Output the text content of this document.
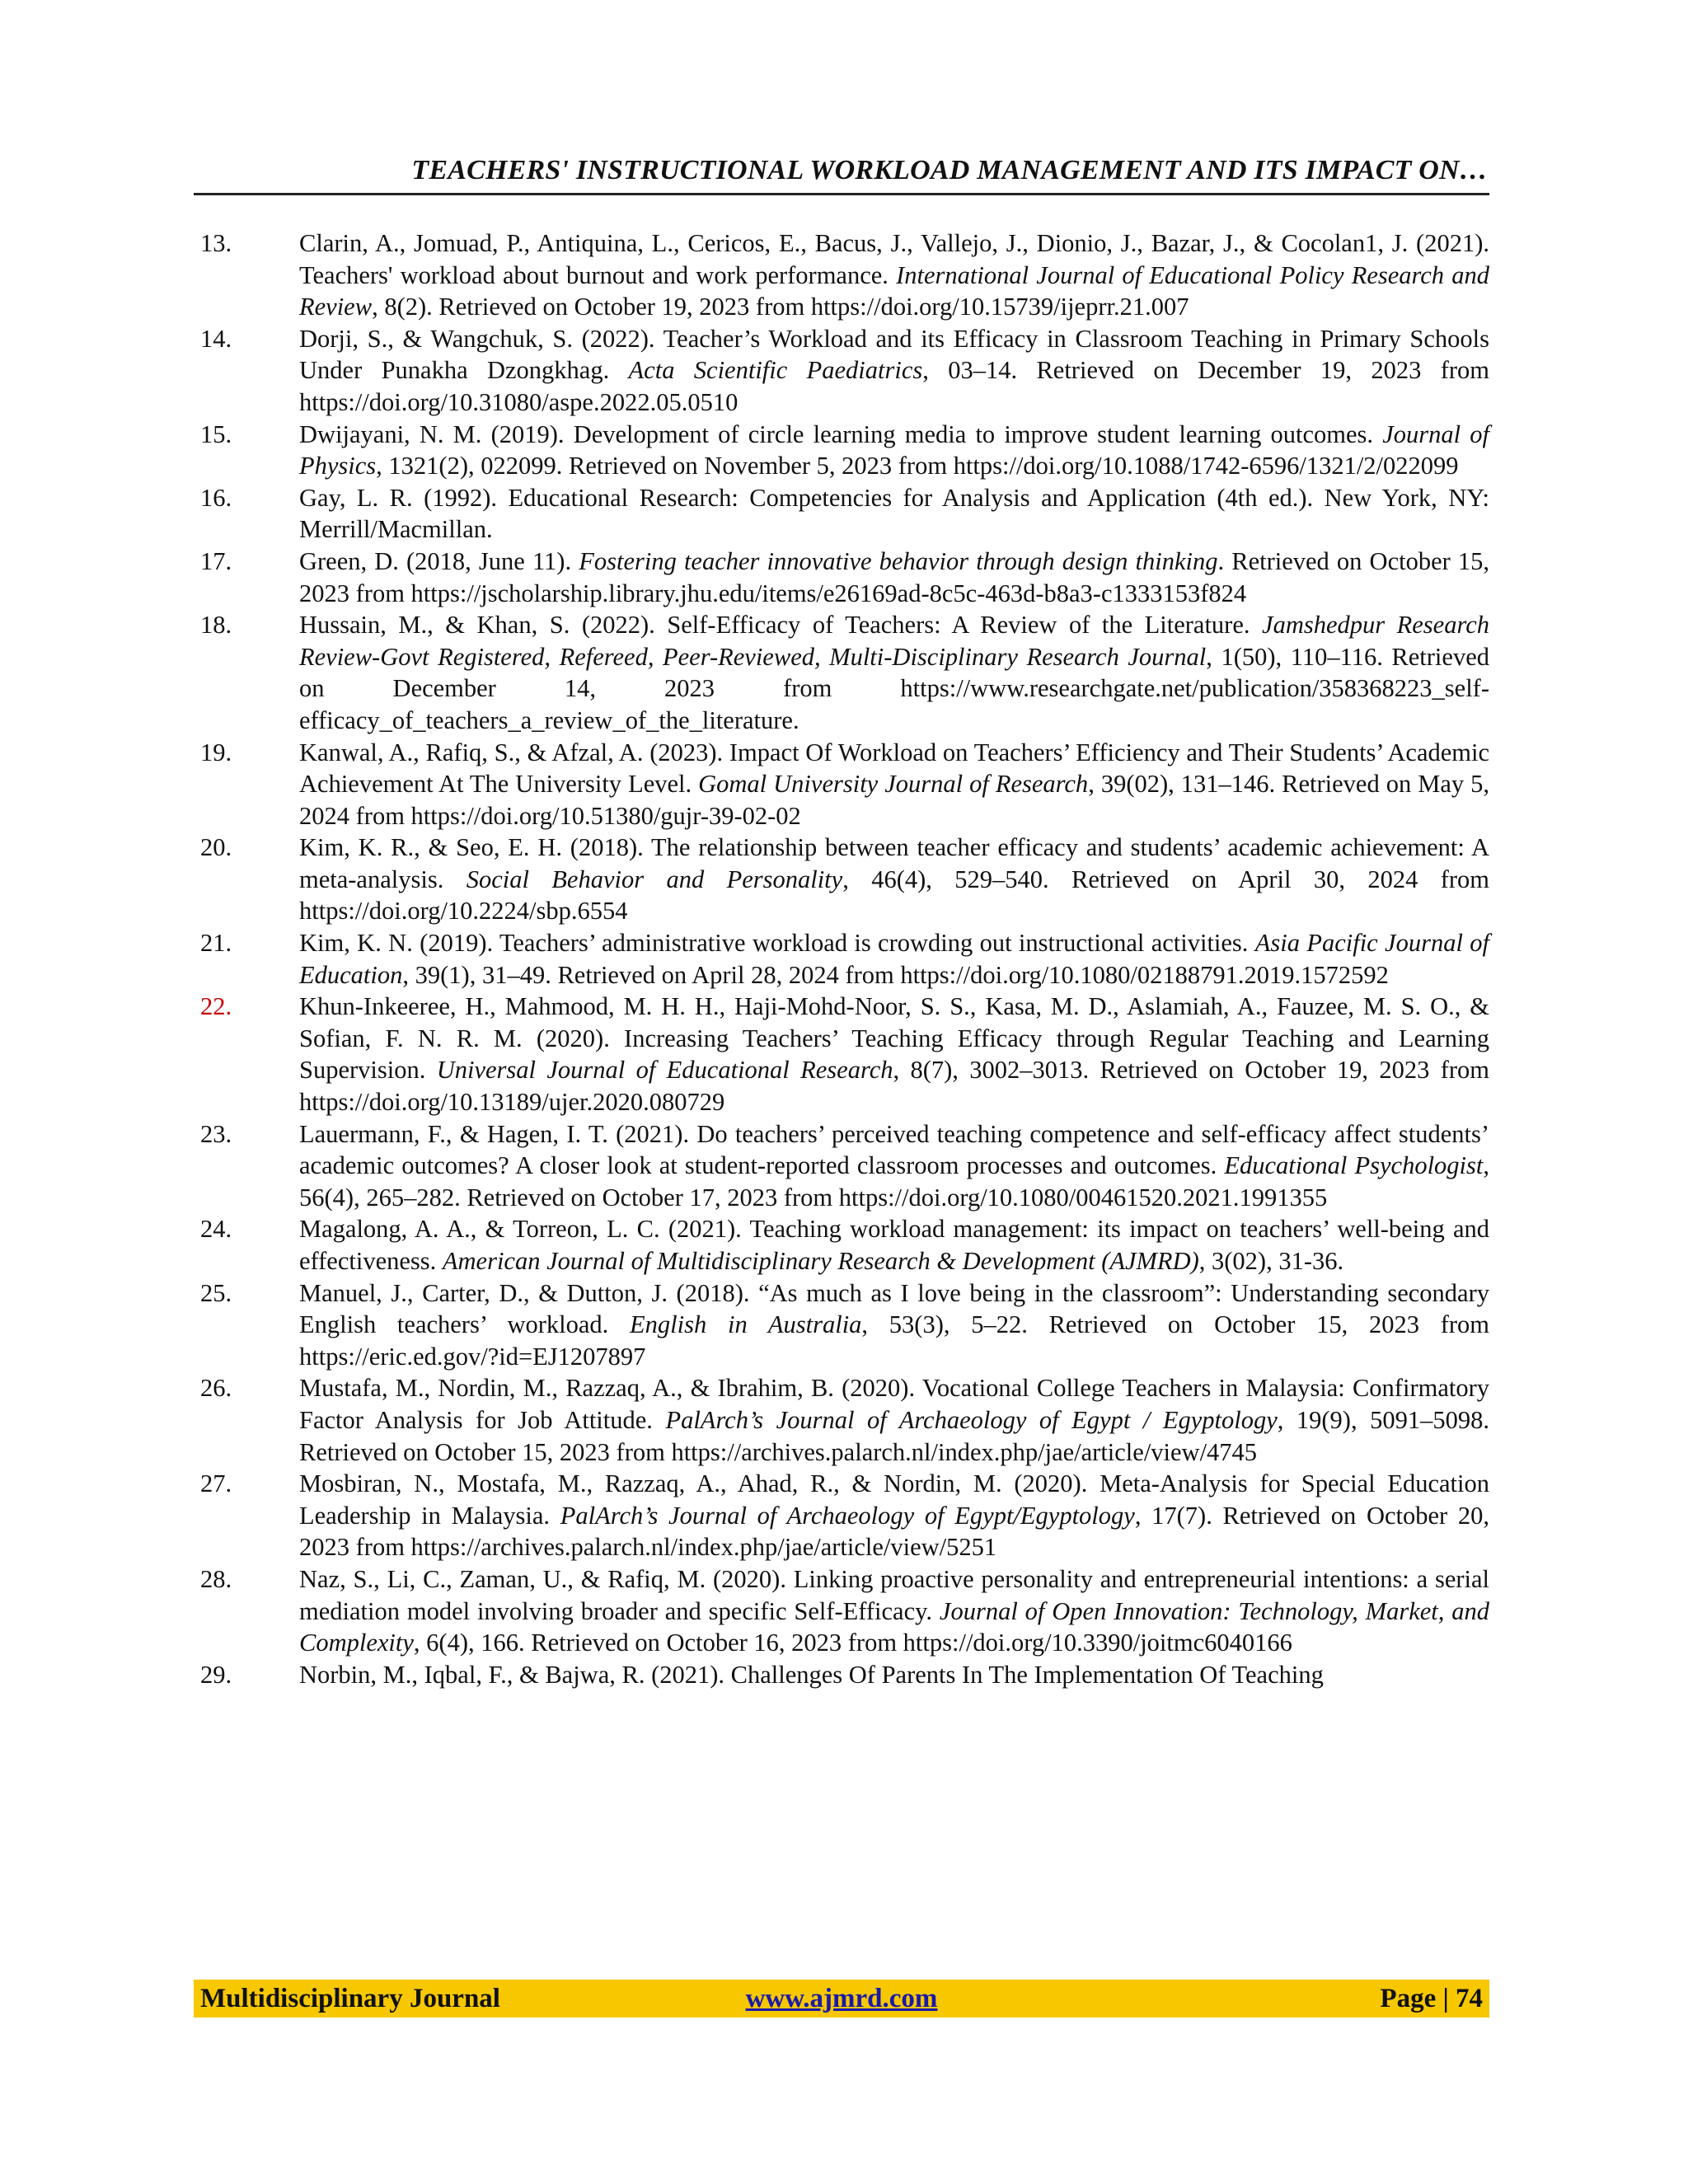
TEACHERS' INSTRUCTIONAL WORKLOAD MANAGEMENT AND ITS IMPACT ON…
13.	Clarin, A., Jomuad, P., Antiquina, L., Cericos, E., Bacus, J., Vallejo, J., Dionio, J., Bazar, J., & Cocolan1, J. (2021). Teachers' workload about burnout and work performance. International Journal of Educational Policy Research and Review, 8(2). Retrieved on October 19, 2023 from https://doi.org/10.15739/ijeprr.21.007
14.	Dorji, S., & Wangchuk, S. (2022). Teacher’s Workload and its Efficacy in Classroom Teaching in Primary Schools Under Punakha Dzongkhag. Acta Scientific Paediatrics, 03–14. Retrieved on December 19, 2023 from https://doi.org/10.31080/aspe.2022.05.0510
15.	Dwijayani, N. M. (2019). Development of circle learning media to improve student learning outcomes. Journal of Physics, 1321(2), 022099. Retrieved on November 5, 2023 from https://doi.org/10.1088/1742-6596/1321/2/022099
16.	Gay, L. R. (1992). Educational Research: Competencies for Analysis and Application (4th ed.). New York, NY: Merrill/Macmillan.
17.	Green, D. (2018, June 11). Fostering teacher innovative behavior through design thinking. Retrieved on October 15, 2023 from https://jscholarship.library.jhu.edu/items/e26169ad-8c5c-463d-b8a3-c1333153f824
18.	Hussain, M., & Khan, S. (2022). Self-Efficacy of Teachers: A Review of the Literature. Jamshedpur Research Review-Govt Registered, Refereed, Peer-Reviewed, Multi-Disciplinary Research Journal, 1(50), 110–116. Retrieved on December 14, 2023 from https://www.researchgate.net/publication/358368223_self-efficacy_of_teachers_a_review_of_the_literature.
19.	Kanwal, A., Rafiq, S., & Afzal, A. (2023). Impact Of Workload on Teachers’ Efficiency and Their Students’ Academic Achievement At The University Level. Gomal University Journal of Research, 39(02), 131–146. Retrieved on May 5, 2024 from https://doi.org/10.51380/gujr-39-02-02
20.	Kim, K. R., & Seo, E. H. (2018). The relationship between teacher efficacy and students’ academic achievement: A meta-analysis. Social Behavior and Personality, 46(4), 529–540. Retrieved on April 30, 2024 from https://doi.org/10.2224/sbp.6554
21.	Kim, K. N. (2019). Teachers’ administrative workload is crowding out instructional activities. Asia Pacific Journal of Education, 39(1), 31–49. Retrieved on April 28, 2024 from https://doi.org/10.1080/02188791.2019.1572592
22.	Khun-Inkeeree, H., Mahmood, M. H. H., Haji-Mohd-Noor, S. S., Kasa, M. D., Aslamiah, A., Fauzee, M. S. O., & Sofian, F. N. R. M. (2020). Increasing Teachers’ Teaching Efficacy through Regular Teaching and Learning Supervision. Universal Journal of Educational Research, 8(7), 3002–3013. Retrieved on October 19, 2023 from https://doi.org/10.13189/ujer.2020.080729
23.	Lauermann, F., & Hagen, I. T. (2021). Do teachers’ perceived teaching competence and self-efficacy affect students’ academic outcomes? A closer look at student-reported classroom processes and outcomes. Educational Psychologist, 56(4), 265–282. Retrieved on October 17, 2023 from https://doi.org/10.1080/00461520.2021.1991355
24.	Magalong, A. A., & Torreon, L. C. (2021). Teaching workload management: its impact on teachers’ well-being and effectiveness. American Journal of Multidisciplinary Research & Development (AJMRD), 3(02), 31-36.
25.	Manuel, J., Carter, D., & Dutton, J. (2018). “As much as I love being in the classroom”: Understanding secondary English teachers’ workload. English in Australia, 53(3), 5–22. Retrieved on October 15, 2023 from https://eric.ed.gov/?id=EJ1207897
26.	Mustafa, M., Nordin, M., Razzaq, A., & Ibrahim, B. (2020). Vocational College Teachers in Malaysia: Confirmatory Factor Analysis for Job Attitude. PalArch’s Journal of Archaeology of Egypt / Egyptology, 19(9), 5091–5098. Retrieved on October 15, 2023 from https://archives.palarch.nl/index.php/jae/article/view/4745
27.	Mosbiran, N., Mostafa, M., Razzaq, A., Ahad, R., & Nordin, M. (2020). Meta-Analysis for Special Education Leadership in Malaysia. PalArch’s Journal of Archaeology of Egypt/Egyptology, 17(7). Retrieved on October 20, 2023 from https://archives.palarch.nl/index.php/jae/article/view/5251
28.	Naz, S., Li, C., Zaman, U., & Rafiq, M. (2020). Linking proactive personality and entrepreneurial intentions: a serial mediation model involving broader and specific Self-Efficacy. Journal of Open Innovation: Technology, Market, and Complexity, 6(4), 166. Retrieved on October 16, 2023 from https://doi.org/10.3390/joitmc6040166
29.	Norbin, M., Iqbal, F., & Bajwa, R. (2021). Challenges Of Parents In The Implementation Of Teaching
Multidisciplinary Journal	www.ajmrd.com	Page | 74
